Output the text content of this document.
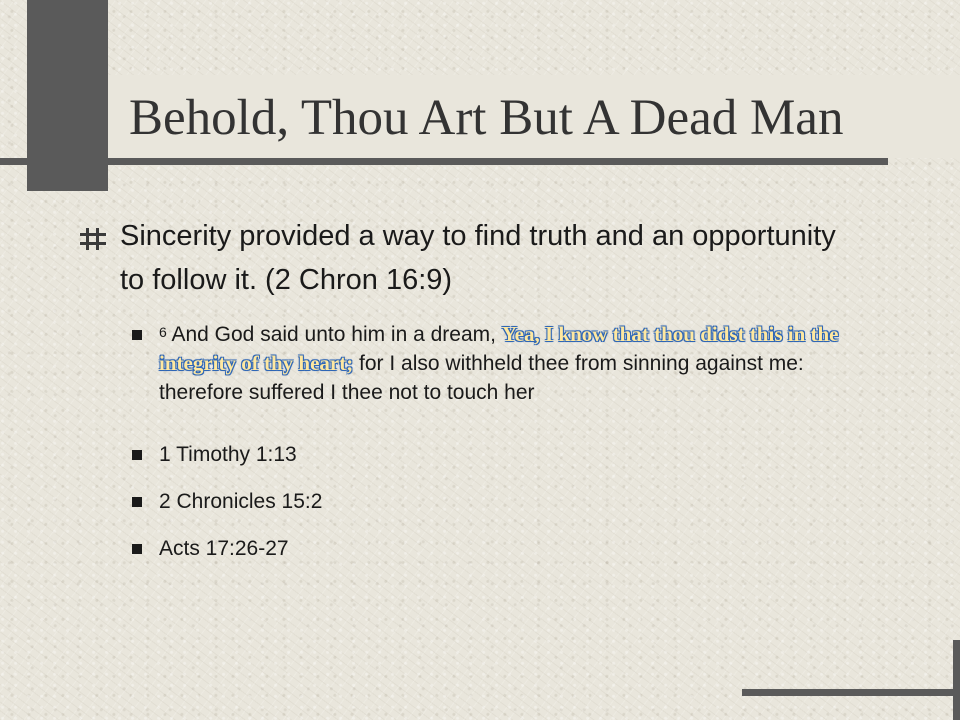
Behold, Thou Art But A Dead Man

Sincerity provided a way to find truth and an opportunity to follow it. (2 Chron 16:9)

$^6$ And God said unto him in a dream, Yea, I know that thou didst this in the integrity of thy heart; for I also withheld thee from sinning against me: therefore suffered I thee not to touch her
1 Timothy 1:13
2 Chronicles 15:2
Acts 17:26-27
